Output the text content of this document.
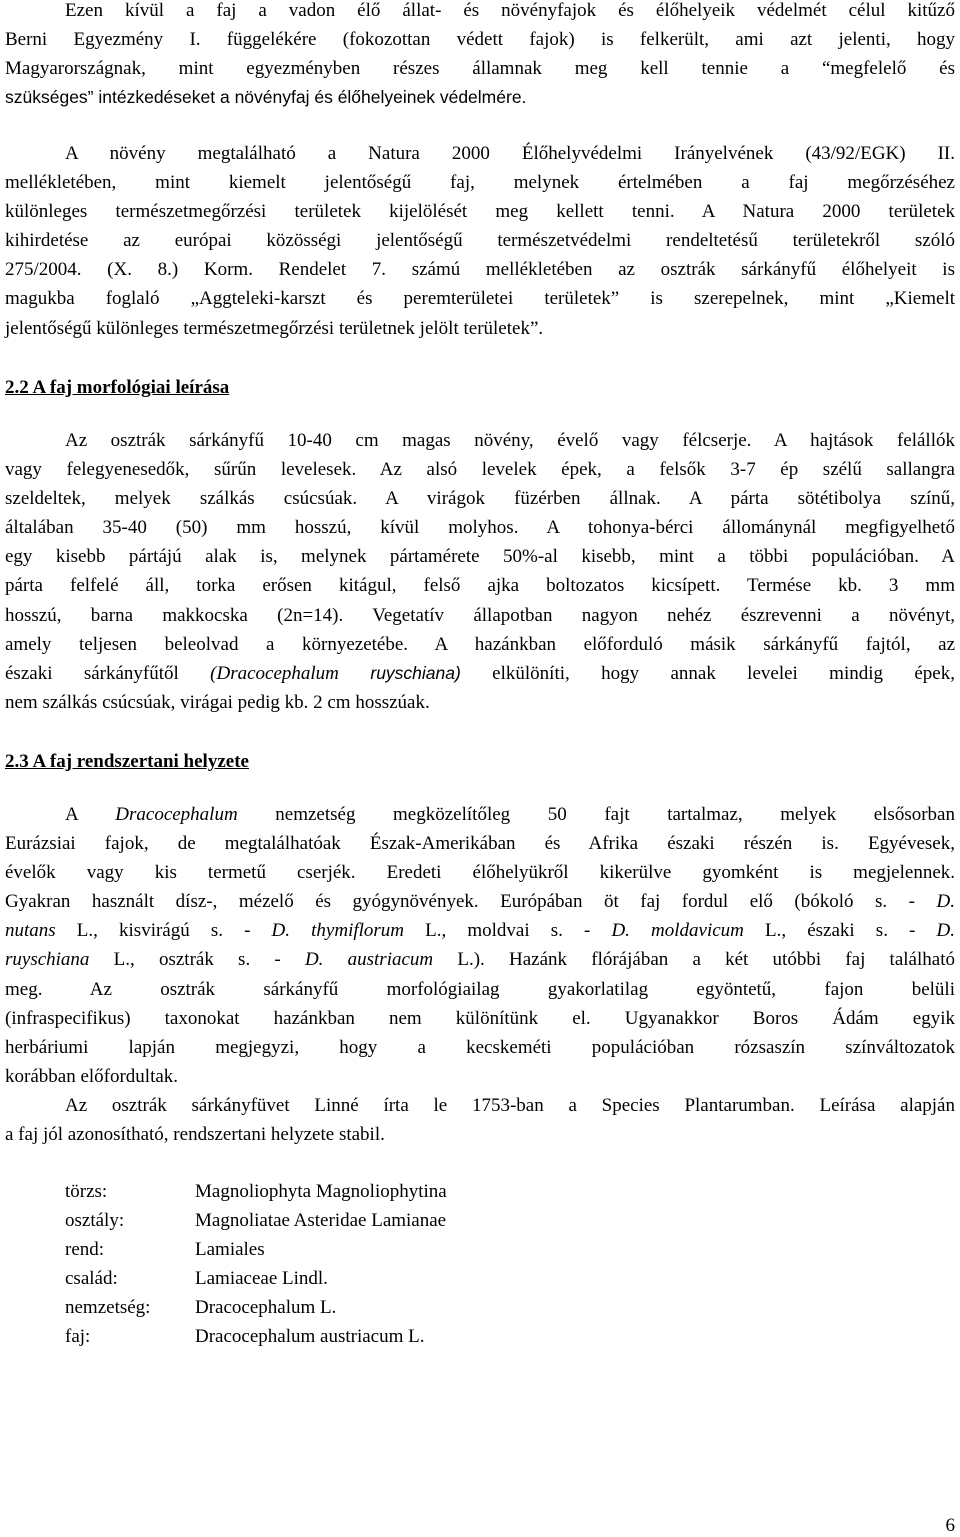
Ezen kívül a faj a vadon élő állat- és növényfajok és élőhelyeik védelmét célul kitűző
Berni Egyezmény I. függelékére (fokozottan védett fajok) is felkerült, ami azt jelenti, hogy
Magyarországnak, mint egyezményben részes államnak meg kell tennie a “megfelelő és
szükséges” intézkedéseket a növényfaj és élőhelyeinek védelmére.
A növény megtalálható a Natura 2000 Élőhelyvédelmi Irányelvének (43/92/EGK) II.
mellékletében, mint kiemelt jelentőségű faj, melynek értelmében a faj megőrzéséhez
különleges természetmegőrzési területek kijelölését meg kellett tenni. A Natura 2000 területek
kihirdetése az európai közösségi jelentőségű természetvédelmi rendeltetésű területekről szóló
275/2004. (X. 8.) Korm. Rendelet 7. számú mellékletében az osztrák sárkányfű élőhelyeit is
magukba foglaló „Aggteleki-karszt és peremterületei területek” is szerepelnek, mint „Kiemelt
jelentőségű különleges természetmegőrzési területnek jelölt területek”.
2.2 A faj morfológiai leírása
Az osztrák sárkányfű 10-40 cm magas növény, évelő vagy félcserje. A hajtások felállók
vagy felegyenesedők, sűrűn levelesek. Az alsó levelek épek, a felsők 3-7 ép szélű sallangra
szeldeltek, melyek szálkás csúcsúak. A virágok füzérben állnak. A párta sötétibolya színű,
általában 35-40 (50) mm hosszú, kívül molyhos. A tohonya-bérci állománynál megfigyelhető
egy kisebb pártájú alak is, melynek pártamérete 50%-al kisebb, mint a többi populációban. A
párta felfelé áll, torka erősen kitágul, felső ajka boltozatos kicsípett. Termése kb. 3 mm
hosszú, barna makkocska (2n=14). Vegetatív állapotban nagyon nehéz észrevenni a növényt,
amely teljesen beleolvad a környezetébe. A hazánkban előforduló másik sárkányfű fajtól, az
északi sárkányfűtől (Dracocephalum ruyschiana) elkülöníti, hogy annak levelei mindig épek,
nem szálkás csúcsúak, virágai pedig kb. 2 cm hosszúak.
2.3 A faj rendszertani helyzete
A Dracocephalum nemzetség megközelítőleg 50 fajt tartalmaz, melyek elsősorban
Eurázsiai fajok, de megtalálhatóak Észak-Amerikában és Afrika északi részén is. Egyévesek,
évelők vagy kis termetű cserjék. Eredeti élőhelyükről kikerülve gyomként is megjelennek.
Gyakran használt dísz-, mézelő és gyógynövények. Európában öt faj fordul elő (bókoló s. - D.
nutans L., kisvirágú s. - D. thymiflorum L., moldvai s. - D. moldavicum L., északi s. - D.
ruyschiana L., osztrák s. - D. austriacum L.). Hazánk flórájában a két utóbbi faj található
meg. Az osztrák sárkányfű morfológiailag gyakorlatilag egyöntetű, fajon belüli
(infraspecifikus) taxonokat hazánkban nem különítünk el. Ugyanakkor Boros Ádám egyik
herbáriumi lapján megjegyzi, hogy a kecskeméti populációban rózsaszín színváltozatok
korábban előfordultak.
Az osztrák sárkányfüvet Linné írta le 1753-ban a Species Plantarumban. Leírása alapján
a faj jól azonosítható, rendszertani helyzete stabil.
törzs:	Magnoliophyta Magnoliophytina
osztály:	Magnoliatae Asteridae Lamianae
rend:	Lamiales
család:	Lamiaceae Lindl.
nemzetség: Dracocephalum L.
faj:	Dracocephalum austriacum L.
6
